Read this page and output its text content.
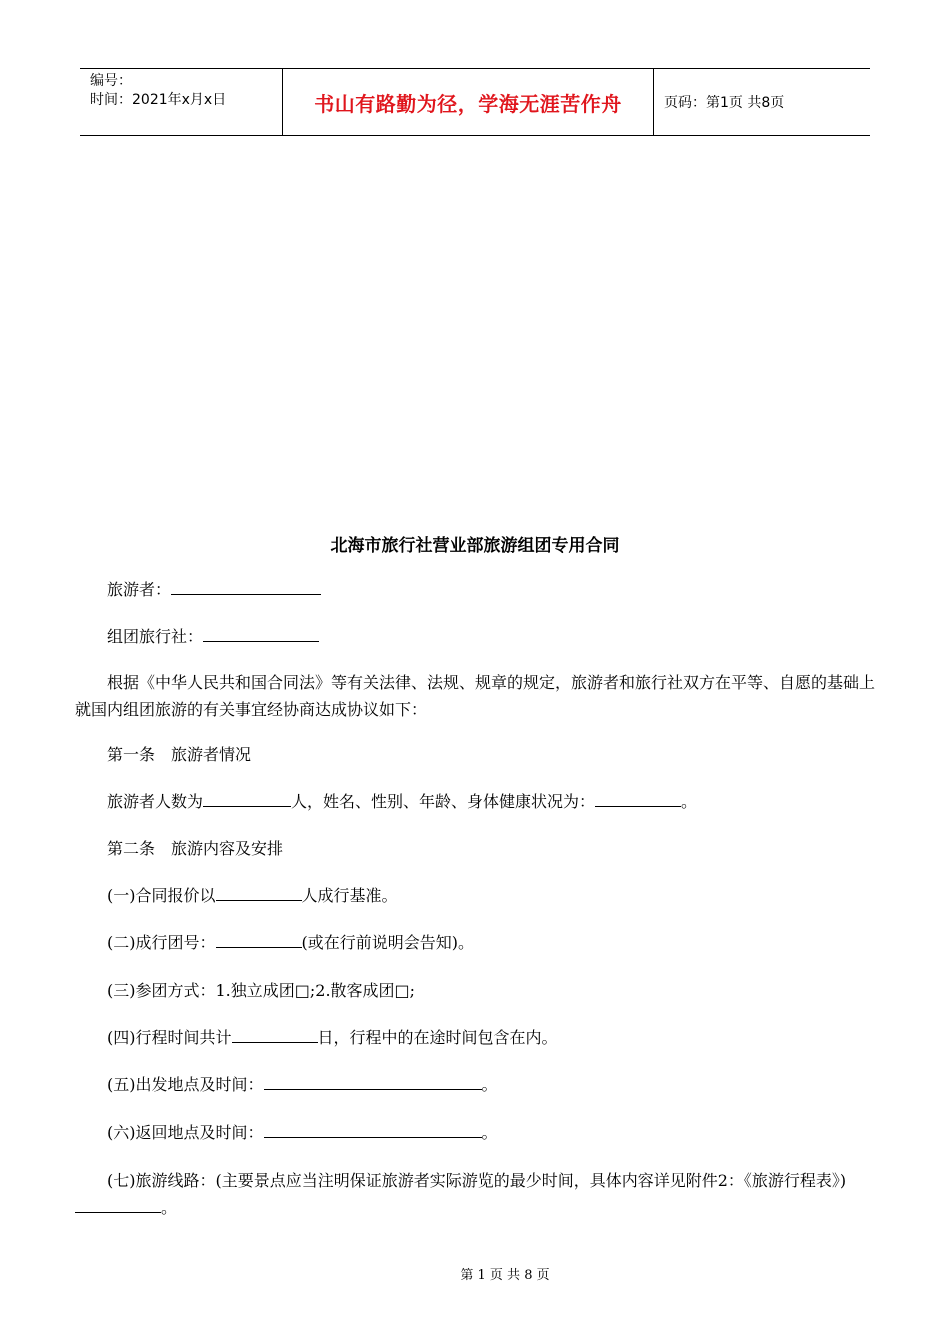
编号：
时间：2021年x月x日	书山有路勤为径，学海无涯苦作舟	页码：第1页 共8页
北海市旅行社营业部旅游组团专用合同
旅游者：
组团旅行社：
根据《中华人民共和国合同法》等有关法律、法规、规章的规定，旅游者和旅行社双方在平等、自愿的基础上就国内组团旅游的有关事宜经协商达成协议如下：
第一条　旅游者情况
旅游者人数为	人，姓名、性别、年龄、身体健康状况为：	。
第二条　旅游内容及安排
(一)合同报价以	人成行基准。
(二)成行团号：	(或在行前说明会告知)。
(三)参团方式：1.独立成团□;2.散客成团□;
(四)行程时间共计	日，行程中的在途时间包含在内。
(五)出发地点及时间：	。
(六)返回地点及时间：	。
(七)旅游线路：(主要景点应当注明保证旅游者实际游览的最少时间，具体内容详见附件2：《旅游行程表》)。
第 1 页 共 8 页
